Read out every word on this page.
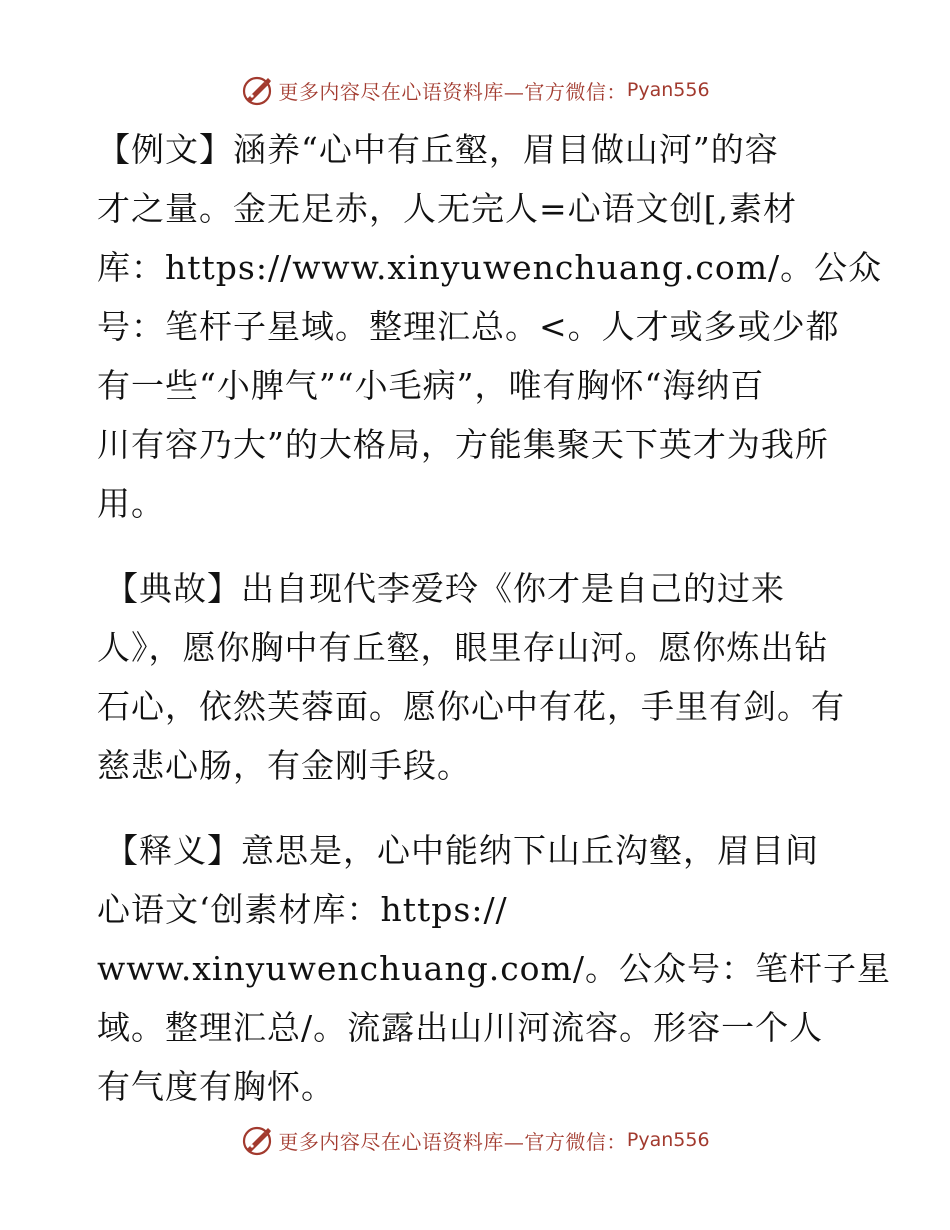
更多内容尽在心语资料库—官方微信： Pyan556
【例文】涵养“心中有丘壑，眉目做山河”的容
才之量。金无足赤，人无完人=心语文创[,素材
库：https://www.xinyuwenchuang.com/。公众
号：笔杆子星域。整理汇总。<。人才或多或少都
有一些“小脾气”“小毛病”，唯有胸怀“海纳百
川有容乃大”的大格局，方能集聚天下英才为我所
用。
【典故】出自现代李爱玲《你才是自己的过来
人》，愿你胸中有丘壑，眼里存山河。愿你炼出钻
石心，依然芙蓉面。愿你心中有花，手里有剑。有
慈悲心肠，有金刚手段。
【释义】意思是，心中能纳下山丘沟壑，眉目间
心语文‘创素材库：https://
www.xinyuwenchuang.com/。公众号：笔杆子星
域。整理汇总/。流露出山川河流容。形容一个人
有气度有胸怀。
更多内容尽在心语资料库—官方微信： Pyan556
